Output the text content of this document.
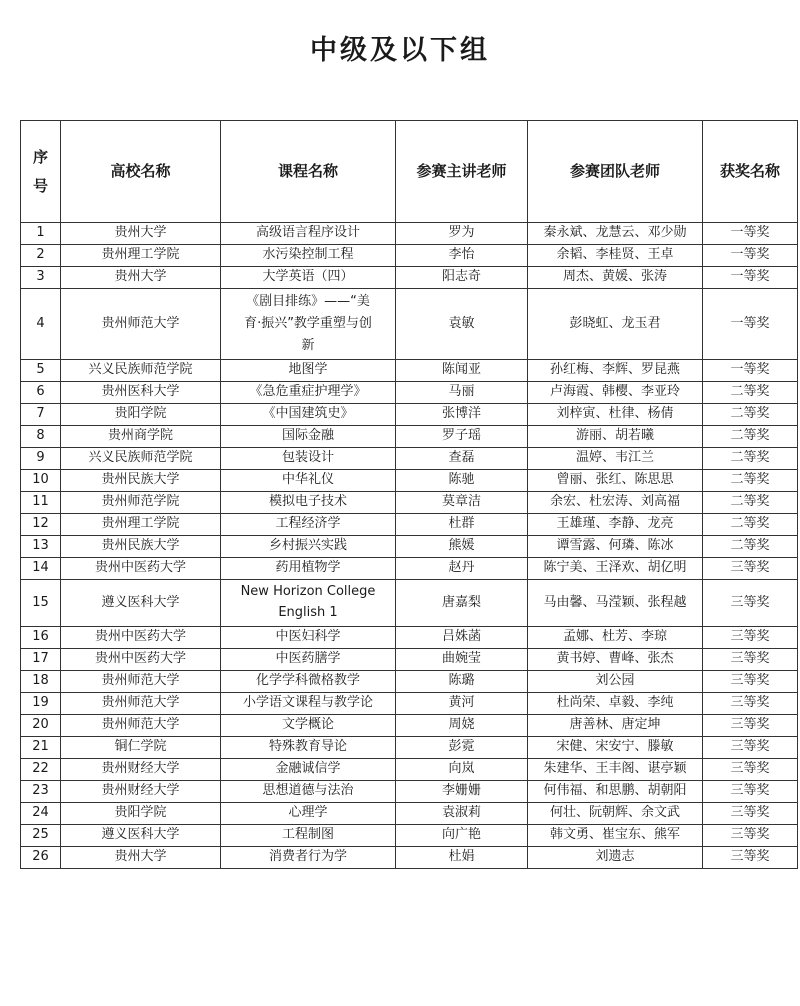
中级及以下组
序
号	高校名称	课程名称	参赛主讲老师	参赛团队老师	获奖名称
1	贵州大学	高级语言程序设计	罗为	秦永斌、龙慧云、邓少勋	一等奖
2	贵州理工学院	水污染控制工程	李怡	余韬、李桂贤、王卓	一等奖
3	贵州大学	大学英语（四）	阳志奇	周杰、黄媛、张涛	一等奖
4	贵州师范大学	《剧目排练》——“美
育·振兴”教学重塑与创
新	袁敏	彭晓虹、龙玉君	一等奖
5	兴义民族师范学院	地图学	陈闻亚	孙红梅、李辉、罗昆燕	一等奖
6	贵州医科大学	《急危重症护理学》	马丽	卢海霞、韩樱、李亚玲	二等奖
7	贵阳学院	《中国建筑史》	张博洋	刘梓寅、杜律、杨倩	二等奖
8	贵州商学院	国际金融	罗子瑶	游丽、胡若曦	二等奖
9	兴义民族师范学院	包装设计	查磊	温婷、韦江兰	二等奖
10	贵州民族大学	中华礼仪	陈驰	曾丽、张红、陈思思	二等奖
11	贵州师范学院	模拟电子技术	莫章洁	余宏、杜宏涛、刘高福	二等奖
12	贵州理工学院	工程经济学	杜群	王雄瑾、李静、龙亮	二等奖
13	贵州民族大学	乡村振兴实践	熊媛	谭雪露、何璘、陈冰	二等奖
14	贵州中医药大学	药用植物学	赵丹	陈宁美、王泽欢、胡亿明	三等奖
15	遵义医科大学	New Horizon College
English 1	唐嘉梨	马由馨、马滢颖、张程越	三等奖
16	贵州中医药大学	中医妇科学	吕姝菡	孟娜、杜芳、李琼	三等奖
17	贵州中医药大学	中医药膳学	曲婉莹	黄书婷、曹峰、张杰	三等奖
18	贵州师范大学	化学学科微格教学	陈璐	刘公园	三等奖
19	贵州师范大学	小学语文课程与教学论	黄河	杜尚荣、卓毅、李纯	三等奖
20	贵州师范大学	文学概论	周娆	唐善林、唐定坤	三等奖
21	铜仁学院	特殊教育导论	彭霓	宋健、宋安宁、滕敏	三等奖
22	贵州财经大学	金融诚信学	向岚	朱建华、王丰阁、谌亭颖	三等奖
23	贵州财经大学	思想道德与法治	李姗姗	何伟福、和思鹏、胡朝阳	三等奖
24	贵阳学院	心理学	袁淑莉	何壮、阮朝辉、余文武	三等奖
25	遵义医科大学	工程制图	向广艳	韩文勇、崔宝东、熊军	三等奖
26	贵州大学	消费者行为学	杜娟	刘遗志	三等奖
